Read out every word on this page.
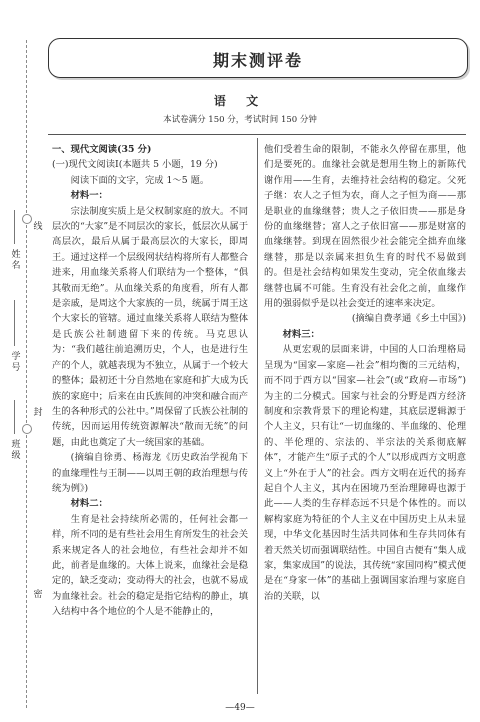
姓名
学号
班级
线
封
密
期末测评卷
语 文
本试卷满分 150 分，考试时间 150 分钟

一、现代文阅读(35 分)

(一)现代文阅读Ⅰ(本题共 5 小题，19 分)

阅读下面的文字，完成 1～5 题。

材料一：

宗法制度实质上是父权制家庭的放大。不同层次的“大家”是不同层次的家长，低层次从属于高层次，最后从属于最高层次的大家长，即周王。通过这样一个层级网状结构将所有人都整合进来，用血缘关系将人们联结为一个整体，“俱其敬而无绝”。从血缘关系的角度看，所有人都是亲戚，是周这个大家族的一员，统属于周王这个大家长的管辖。通过血缘关系将人联结为整体是氏族公社制遗留下来的传统。马克思认为：“我们越往前追溯历史，个人，也是进行生产的个人，就越表现为不独立，从属于一个较大的整体；最初还十分自然地在家庭和扩大成为氏族的家庭中；后来在由氏族间的冲突和融合而产生的各种形式的公社中。”周保留了氏族公社制的传统，因而运用传统资源解决“散而无统”的问题，由此也奠定了大一统国家的基础。

(摘编自徐勇、杨海龙《历史政治学视角下的血缘理性与王制——以周王朝的政治理想与传统为例》)

材料二：

生育是社会持续所必需的，任何社会都一样，所不同的是有些社会用生育所发生的社会关系来规定各人的社会地位，有些社会却并不如此，前者是血缘的。大体上说来，血缘社会是稳定的，缺乏变动；变动得大的社会，也就不易成为血缘社会。社会的稳定是指它结构的静止，填入结构中各个地位的个人是不能静止的，

他们受着生命的限制，不能永久停留在那里，他们是要死的。血缘社会就是想用生物上的新陈代谢作用——生育，去维持社会结构的稳定。父死子继：农人之子恒为农，商人之子恒为商——那是职业的血缘继替；贵人之子依旧贵——那是身份的血缘继替；富人之子依旧富——那是财富的血缘继替。到现在固然很少社会能完全拙弃血缘继替，那是以亲属来担负生育的时代不易做到的。但是社会结构如果发生变动，完全依血缘去继替也属不可能。生育没有社会化之前，血缘作用的强弱似乎是以社会变迁的速率来决定。

(摘编自费孝通《乡土中国》)

材料三：

从更宏观的层面来讲，中国的人口治理格局呈现为“国家—家庭—社会”相均衡的三元结构，而不同于西方以“国家—社会”(或“政府—市场”)为主的二分模式。国家与社会的分野是西方经济制度和宗教背景下的理论构建，其底层逻辑源于个人主义，只有让“一切血缘的、半血缘的、伦理的、半伦理的、宗法的、半宗法的关系彻底解体”，才能产生“原子式的个人”以形成西方文明意义上“外在于人”的社会。西方文明在近代的扬弃起自个人主义，其内在困境乃至治理障碍也源于此——人类的生存样态远不只是个体性的。而以解构家庭为特征的个人主义在中国历史上从未显现，中华文化基因时生活共同体和生存共同体有着天然关切而强调联结性。中国自古便有“集人成家，集家成国”的说法，其传统“家国同构”模式便是在“身家一体”的基础上强调国家治理与家庭自治的关联，以

—49—
